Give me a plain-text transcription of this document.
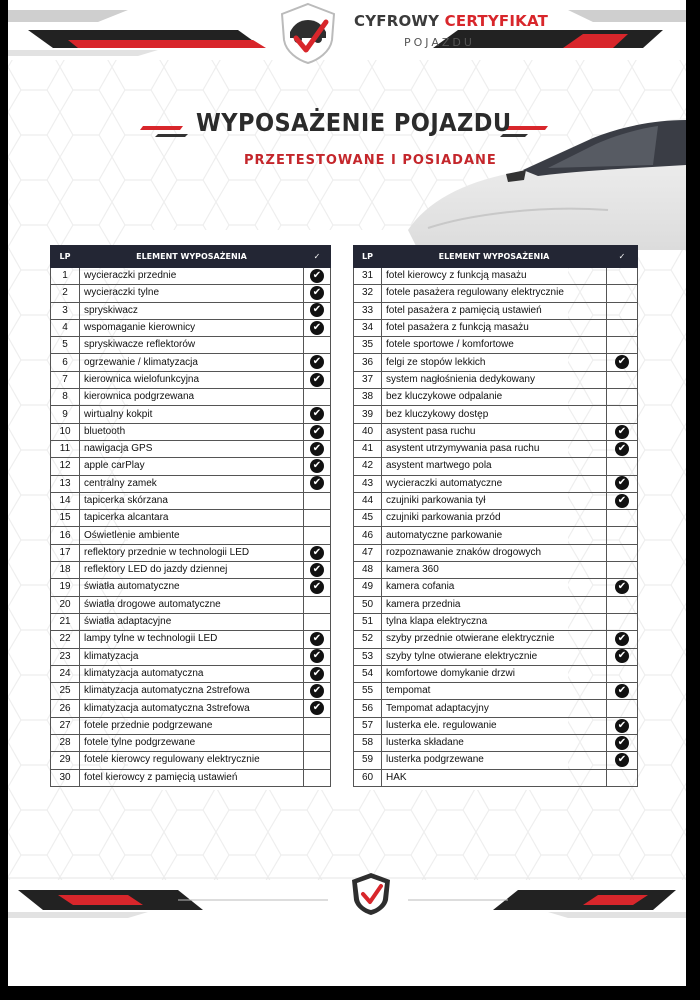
CYFROWY CERTYFIKAT
POJAZDU
WYPOSAŻENIE POJAZDU
PRZETESTOWANE I POSIADANE
LP	ELEMENT WYPOSAŻENIA	✓
1	wycieraczki przednie	✔
2	wycieraczki tylne	✔
3	spryskiwacz	✔
4	wspomaganie kierownicy	✔
5	spryskiwacze reflektorów	
6	ogrzewanie / klimatyzacja	✔
7	kierownica wielofunkcyjna	✔
8	kierownica podgrzewana	
9	wirtualny kokpit	✔
10	bluetooth	✔
11	nawigacja GPS	✔
12	apple carPlay	✔
13	centralny zamek	✔
14	tapicerka skórzana	
15	tapicerka alcantara	
16	Oświetlenie ambiente	
17	reflektory przednie w technologii LED	✔
18	reflektory LED do jazdy dziennej	✔
19	światła automatyczne	✔
20	światła drogowe automatyczne	
21	światła adaptacyjne	
22	lampy tylne w technologii LED	✔
23	klimatyzacja	✔
24	klimatyzacja automatyczna	✔
25	klimatyzacja automatyczna 2strefowa	✔
26	klimatyzacja automatyczna 3strefowa	✔
27	fotele przednie podgrzewane	
28	fotele tylne podgrzewane	
29	fotele kierowcy regulowany elektrycznie	
30	fotel kierowcy z pamięcią ustawień	
LP	ELEMENT WYPOSAŻENIA	✓
31	fotel kierowcy z funkcją masażu	
32	fotele pasażera regulowany elektrycznie	
33	fotel pasażera z pamięcią ustawień	
34	fotel pasażera z funkcją masażu	
35	fotele sportowe / komfortowe	
36	felgi ze stopów lekkich	✔
37	system nagłośnienia dedykowany	
38	bez kluczykowe odpalanie	
39	bez kluczykowy dostęp	
40	asystent pasa ruchu	✔
41	asystent utrzymywania pasa ruchu	✔
42	asystent martwego pola	
43	wycieraczki automatyczne	✔
44	czujniki parkowania tył	✔
45	czujniki parkowania przód	
46	automatyczne parkowanie	
47	rozpoznawanie znaków drogowych	
48	kamera 360	
49	kamera cofania	✔
50	kamera przednia	
51	tylna klapa elektryczna	
52	szyby przednie otwierane elektrycznie	✔
53	szyby tylne otwierane elektrycznie	✔
54	komfortowe domykanie drzwi	
55	tempomat	✔
56	Tempomat adaptacyjny	
57	lusterka ele. regulowanie	✔
58	lusterka składane	✔
59	lusterka podgrzewane	✔
60	HAK	
